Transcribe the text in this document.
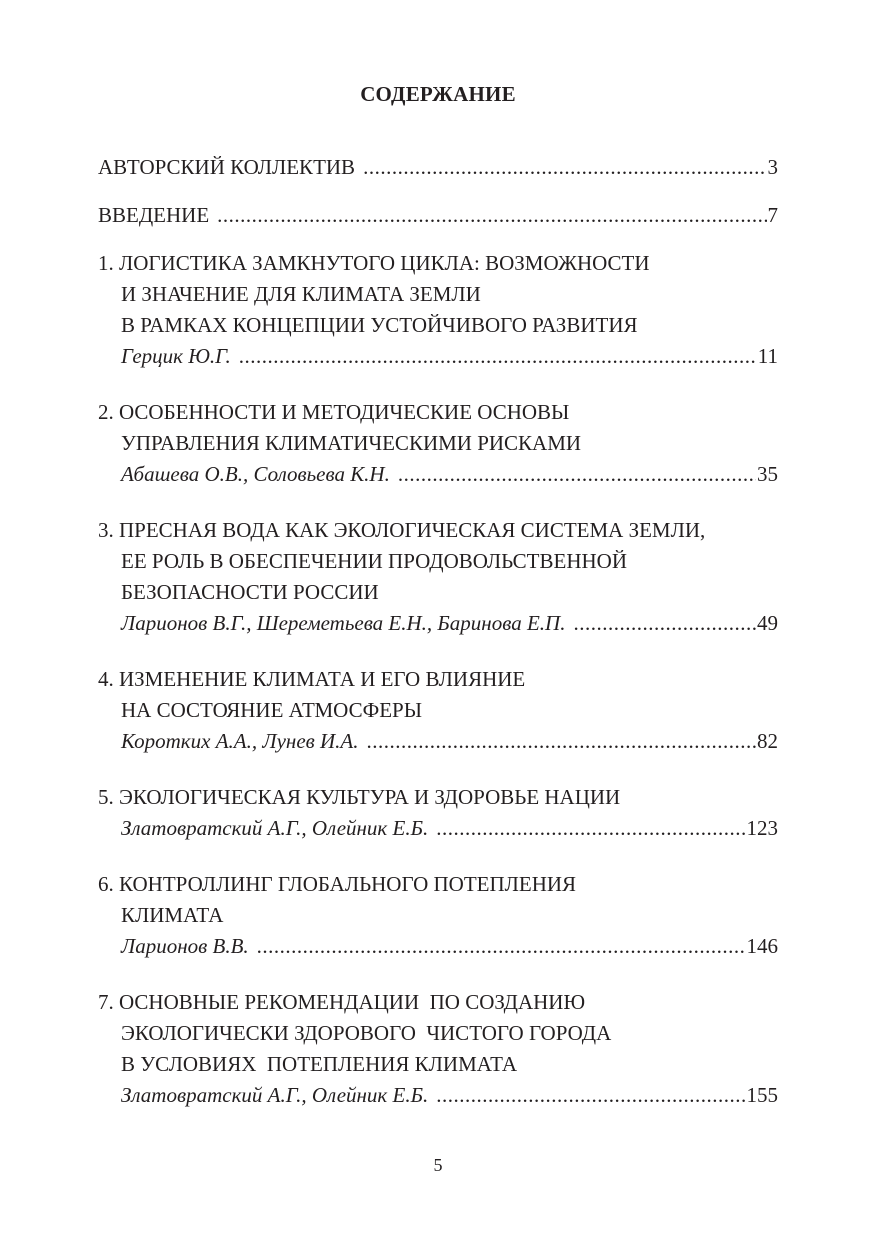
СОДЕРЖАНИЕ
АВТОРСКИЙ КОЛЛЕКТИВ .....	3
ВВЕДЕНИЕ .....	7
1. ЛОГИСТИКА ЗАМКНУТОГО ЦИКЛА: ВОЗМОЖНОСТИ
И ЗНАЧЕНИЕ ДЛЯ КЛИМАТА ЗЕМЛИ
В РАМКАХ КОНЦЕПЦИИ УСТОЙЧИВОГО РАЗВИТИЯ
Герцик Ю.Г. .....	11
2. ОСОБЕННОСТИ И МЕТОДИЧЕСКИЕ ОСНОВЫ
УПРАВЛЕНИЯ КЛИМАТИЧЕСКИМИ РИСКАМИ
Абашева О.В., Соловьева К.Н. .....	35
3. ПРЕСНАЯ ВОДА КАК ЭКОЛОГИЧЕСКАЯ СИСТЕМА ЗЕМЛИ,
ЕЕ РОЛЬ В ОБЕСПЕЧЕНИИ ПРОДОВОЛЬСТВЕННОЙ
БЕЗОПАСНОСТИ РОССИИ
Ларионов В.Г., Шереметьева Е.Н., Баринова Е.П. .....	49
4. ИЗМЕНЕНИЕ КЛИМАТА И ЕГО ВЛИЯНИЕ
НА СОСТОЯНИЕ АТМОСФЕРЫ
Коротких А.А., Лунев И.А. .....	82
5. ЭКОЛОГИЧЕСКАЯ КУЛЬТУРА И ЗДОРОВЬЕ НАЦИИ
Златовратский А.Г., Олейник Е.Б. .....	123
6. КОНТРОЛЛИНГ ГЛОБАЛЬНОГО ПОТЕПЛЕНИЯ
КЛИМАТА
Ларионов В.В. .....	146
7. ОСНОВНЫЕ РЕКОМЕНДАЦИИ  ПО СОЗДАНИЮ
ЭКОЛОГИЧЕСКИ ЗДОРОВОГО  ЧИСТОГО ГОРОДА
В УСЛОВИЯХ  ПОТЕПЛЕНИЯ КЛИМАТА
Златовратский А.Г., Олейник Е.Б. .....	155
5
